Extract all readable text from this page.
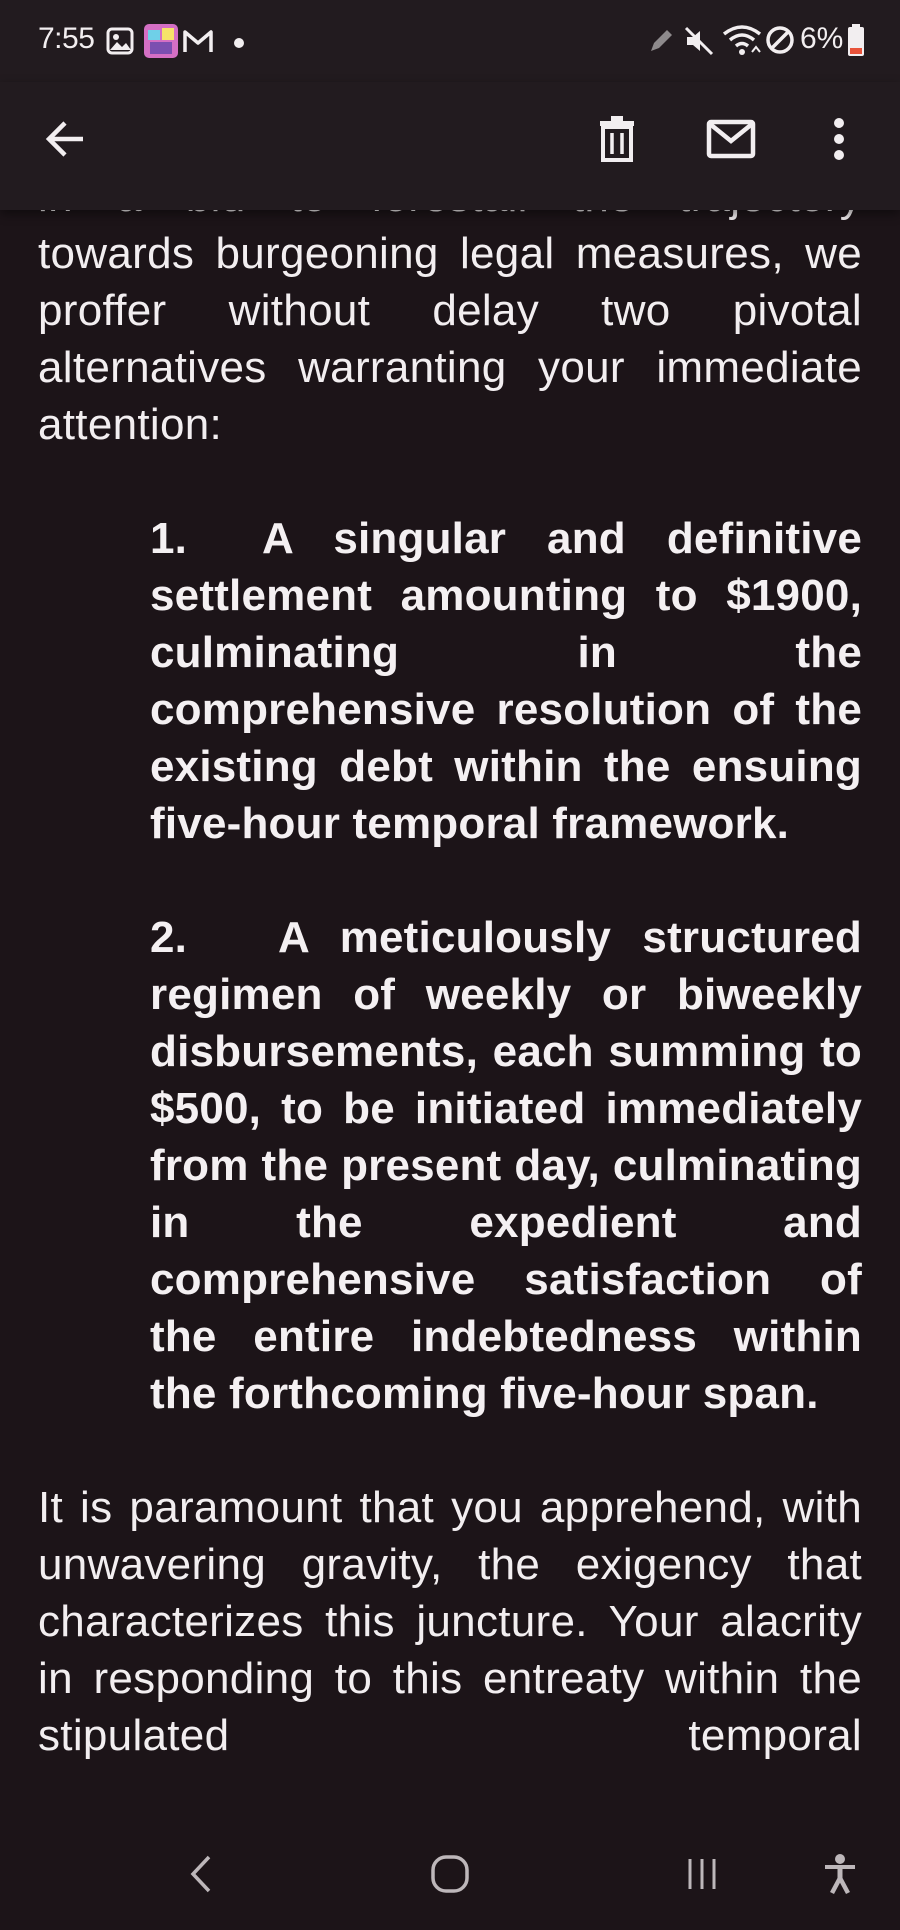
7:55	6%

towards burgeoning legal measures, we proffer without delay two pivotal alternatives warranting your immediate attention:

1. A singular and definitive settlement amounting to $1900, culminating in the comprehensive resolution of the existing debt within the ensuing five-hour temporal framework.

2. A meticulously structured regimen of weekly or biweekly disbursements, each summing to $500, to be initiated immediately from the present day, culminating in the expedient and comprehensive satisfaction of the entire indebtedness within the forthcoming five-hour span.

It is paramount that you apprehend, with unwavering gravity, the exigency that characterizes this juncture. Your alacrity in responding to this entreaty within the stipulated temporal
